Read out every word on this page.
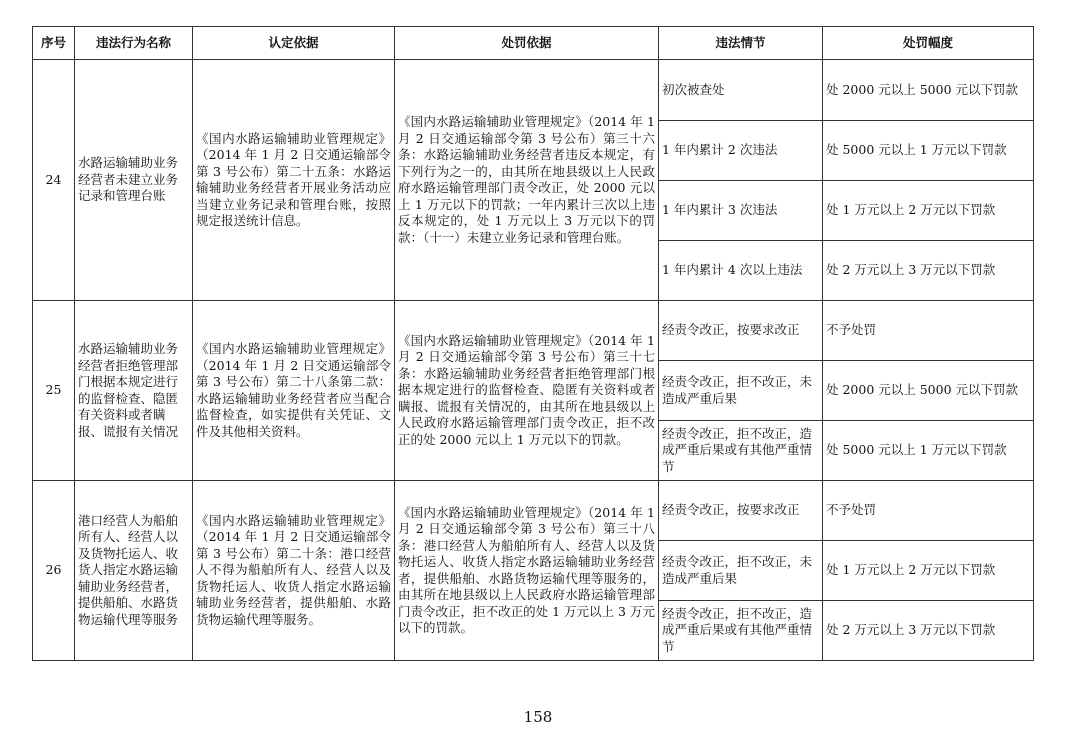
序号	违法行为名称	认定依据	处罚依据	违法情节	处罚幅度
24	水路运输辅助业务经营者未建立业务记录和管理台账	《国内水路运输辅助业管理规定》（2014 年 1 月 2 日交通运输部令第 3 号公布）第二十五条：水路运输辅助业务经营者开展业务活动应当建立业务记录和管理台账，按照规定报送统计信息。	《国内水路运输辅助业管理规定》（2014 年 1 月 2 日交通运输部令第 3 号公布）第三十六条：水路运输辅助业务经营者违反本规定，有下列行为之一的，由其所在地县级以上人民政府水路运输管理部门责令改正，处 2000 元以上 1 万元以下的罚款；一年内累计三次以上违反本规定的，处 1 万元以上 3 万元以下的罚款：（十一）未建立业务记录和管理台账。	初次被查处	处 2000 元以上 5000 元以下罚款
				1 年内累计 2 次违法	处 5000 元以上 1 万元以下罚款
				1 年内累计 3 次违法	处 1 万元以上 2 万元以下罚款
				1 年内累计 4 次以上违法	处 2 万元以上 3 万元以下罚款
25	水路运输辅助业务经营者拒绝管理部门根据本规定进行的监督检查、隐匿有关资料或者瞒报、谎报有关情况	《国内水路运输辅助业管理规定》（2014 年 1 月 2 日交通运输部令第 3 号公布）第二十八条第二款：水路运输辅助业务经营者应当配合监督检查，如实提供有关凭证、文件及其他相关资料。	《国内水路运输辅助业管理规定》（2014 年 1 月 2 日交通运输部令第 3 号公布）第三十七条：水路运输辅助业务经营者拒绝管理部门根据本规定进行的监督检查、隐匿有关资料或者瞒报、谎报有关情况的，由其所在地县级以上人民政府水路运输管理部门责令改正，拒不改正的处 2000 元以上 1 万元以下的罚款。	经责令改正，按要求改正	不予处罚
				经责令改正，拒不改正，未造成严重后果	处 2000 元以上 5000 元以下罚款
				经责令改正，拒不改正，造成严重后果或有其他严重情节	处 5000 元以上 1 万元以下罚款
26	港口经营人为船舶所有人、经营人以及货物托运人、收货人指定水路运输辅助业务经营者，提供船舶、水路货物运输代理等服务	《国内水路运输辅助业管理规定》（2014 年 1 月 2 日交通运输部令第 3 号公布）第二十条：港口经营人不得为船舶所有人、经营人以及货物托运人、收货人指定水路运输辅助业务经营者，提供船舶、水路货物运输代理等服务。	《国内水路运输辅助业管理规定》（2014 年 1 月 2 日交通运输部令第 3 号公布）第三十八条：港口经营人为船舶所有人、经营人以及货物托运人、收货人指定水路运输辅助业务经营者，提供船舶、水路货物运输代理等服务的，由其所在地县级以上人民政府水路运输管理部门责令改正，拒不改正的处 1 万元以上 3 万元以下的罚款。	经责令改正，按要求改正	不予处罚
				经责令改正，拒不改正，未造成严重后果	处 1 万元以上 2 万元以下罚款
				经责令改正，拒不改正，造成严重后果或有其他严重情节	处 2 万元以上 3 万元以下罚款
158
